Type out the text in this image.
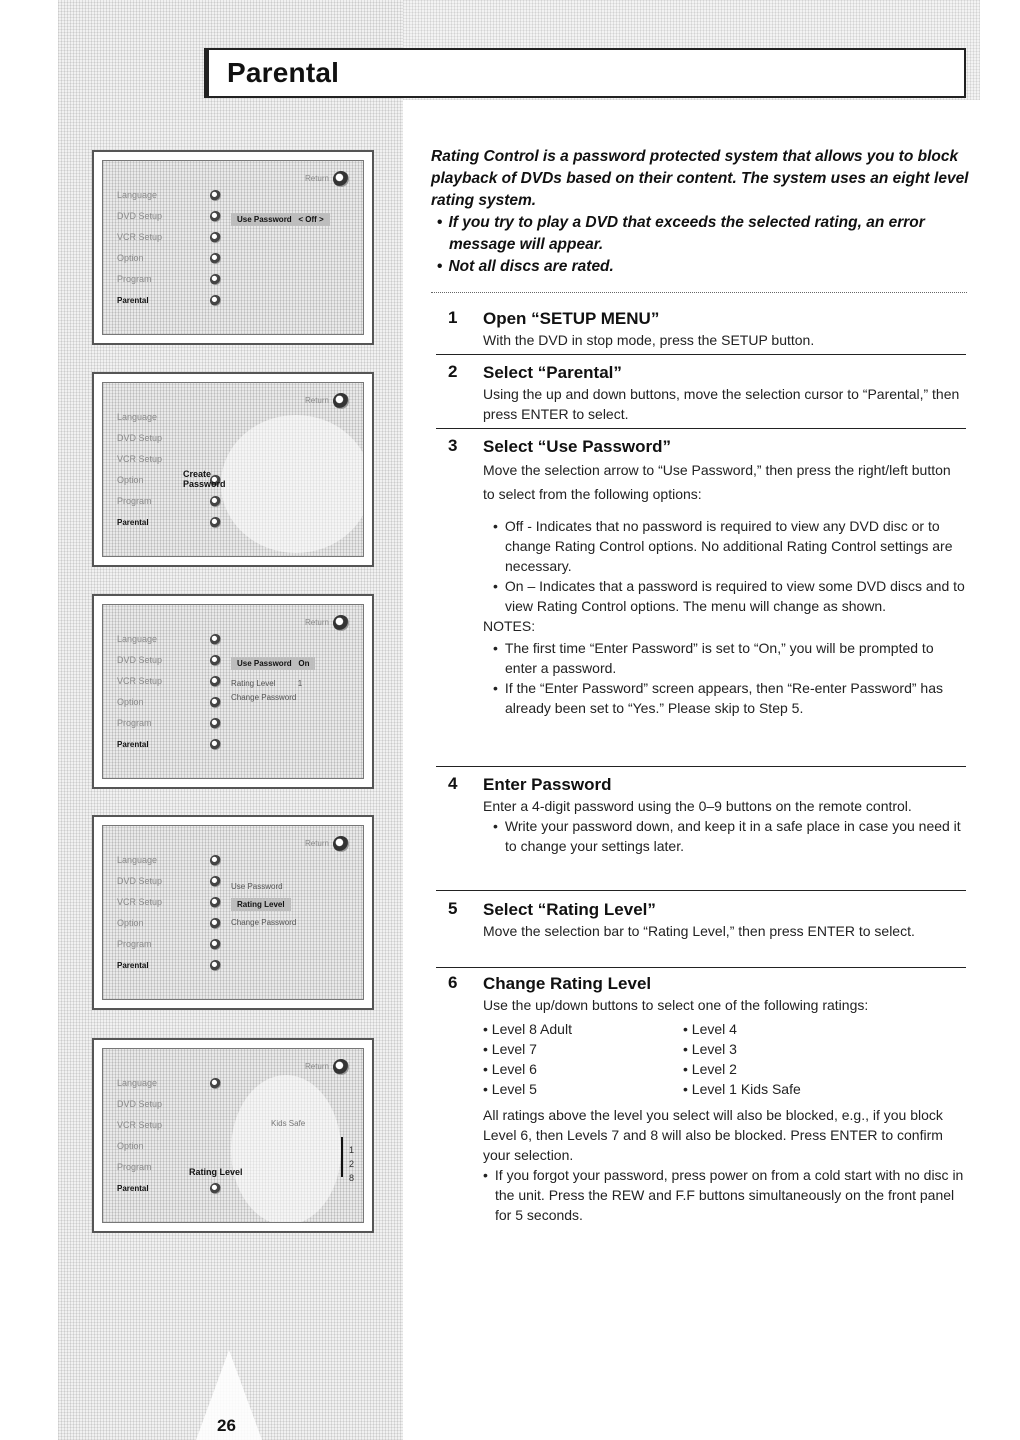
Parental
Return
Language
DVD Setup
VCR Setup
Option
Program
Parental
Use Password < Off >
Return
Language
DVD Setup
VCR Setup
Option
Program
Parental
Create Password
Return
Language
DVD Setup
VCR Setup
Option
Program
Parental
Use Password On
Rating Level	1
Change Password
Return
Language
DVD Setup
VCR Setup
Option
Program
Parental
Use Password
Rating Level
Change Password
Return
Language
DVD Setup
VCR Setup
Option
Program
Parental
Rating Level
Kids Safe
1
2
8
26
Rating Control is a password protected system that allows you to block playback of DVDs based on their content. The system uses an eight level rating system.
• If you try to play a DVD that exceeds the selected rating, an error message will appear.
• Not all discs are rated.
1 Open “SETUP MENU”

With the DVD in stop mode, press the SETUP button.

2 Select “Parental”

Using the up and down buttons, move the selection cursor to “Parental,” then press ENTER to select.

3 Select “Use Password”

Move the selection arrow to “Use Password,” then press the right/left button to select from the following options:

• Off - Indicates that no password is required to view any DVD disc or to change Rating Control options. No additional Rating Control settings are necessary.
• On – Indicates that a password is required to view some DVD discs and to view Rating Control options. The menu will change as shown.

NOTES:

• The first time “Enter Password” is set to “On,” you will be prompted to enter a password.
• If the “Enter Password” screen appears, then “Re-enter Password” has already been set to “Yes.” Please skip to Step 5.
4 Enter Password

Enter a 4-digit password using the 0–9 buttons on the remote control.

• Write your password down, and keep it in a safe place in case you need it to change your settings later.
5 Select “Rating Level”

Move the selection bar to “Rating Level,” then press ENTER to select.

6 Change Rating Level

Use the up/down buttons to select one of the following ratings:

• Level 8 Adult	• Level 4
• Level 7	• Level 3
• Level 6	• Level 2
• Level 5	• Level 1 Kids Safe

All ratings above the level you select will also be blocked, e.g., if you block Level 6, then Levels 7 and 8 will also be blocked. Press ENTER to confirm your selection.

• If you forgot your password, press power on from a cold start with no disc in the unit. Press the REW and F.F buttons simultaneously on the front panel for 5 seconds.
